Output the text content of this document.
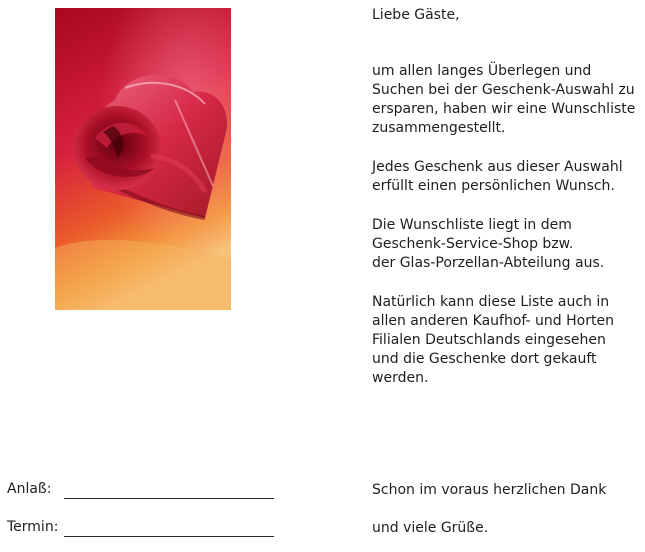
Liebe Gäste,

um allen langes Überlegen und
Suchen bei der Geschenk-Auswahl zu
ersparen, haben wir eine Wunschliste
zusammengestellt.

Jedes Geschenk aus dieser Auswahl
erfüllt einen persönlichen Wunsch.

Die Wunschliste liegt in dem
Geschenk-Service-Shop bzw.
der Glas-Porzellan-Abteilung aus.

Natürlich kann diese Liste auch in
allen anderen Kaufhof- und Horten
Filialen Deutschlands eingesehen
und die Geschenke dort gekauft
werden.

Schon im voraus herzlichen Dank
und viele Grüße.
Anlaß:
Termin:
